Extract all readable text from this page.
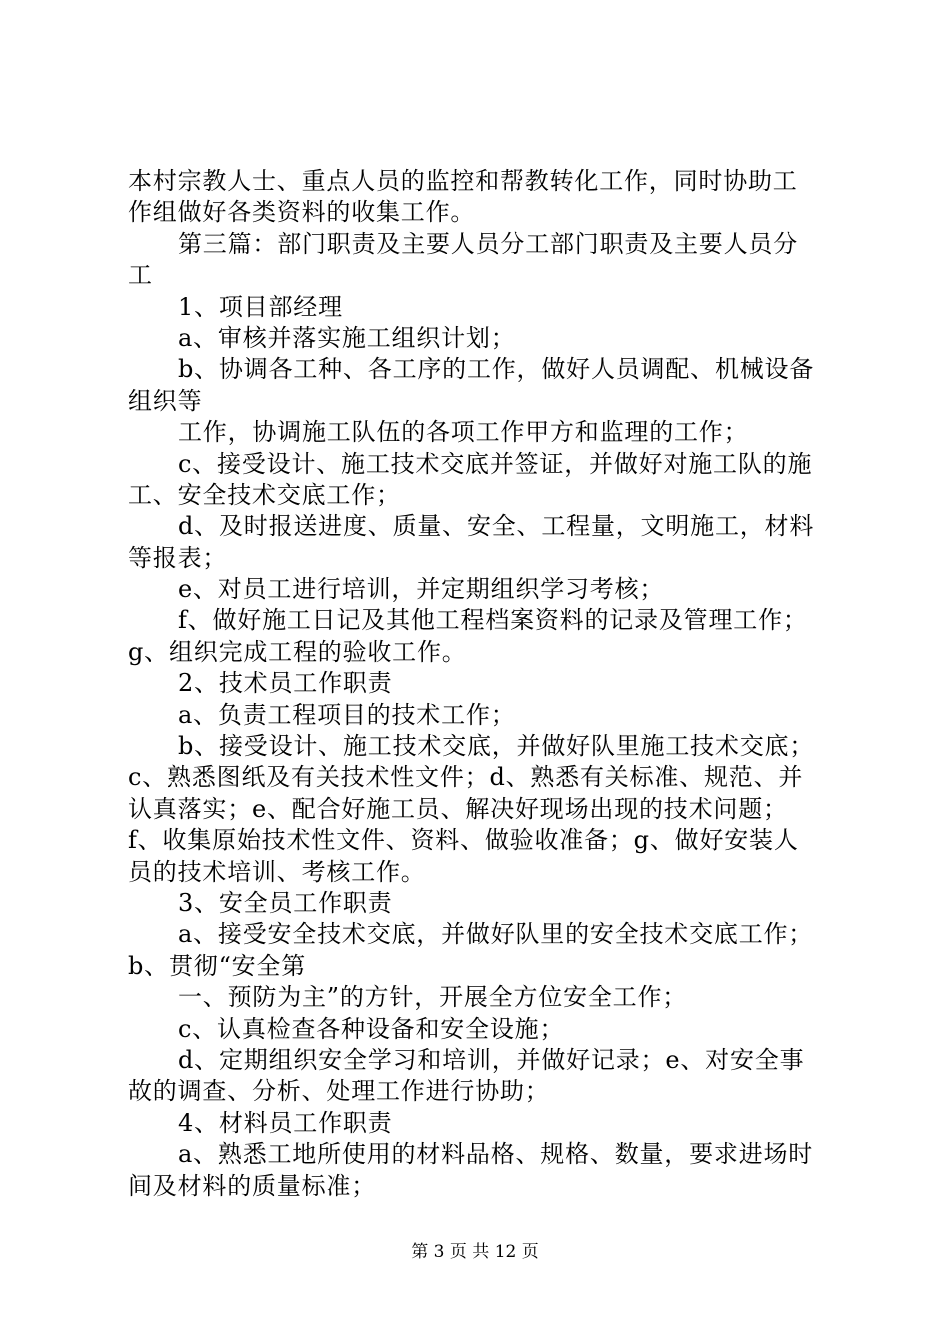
本村宗教人士、重点人员的监控和帮教转化工作，同时协助工
作组做好各类资料的收集工作。
第三篇：部门职责及主要人员分工部门职责及主要人员分
工
1、项目部经理
a、审核并落实施工组织计划；
b、协调各工种、各工序的工作，做好人员调配、机械设备
组织等
工作，协调施工队伍的各项工作甲方和监理的工作；
c、接受设计、施工技术交底并签证，并做好对施工队的施
工、安全技术交底工作；
d、及时报送进度、质量、安全、工程量，文明施工，材料
等报表；
e、对员工进行培训，并定期组织学习考核；
f、做好施工日记及其他工程档案资料的记录及管理工作；
g、组织完成工程的验收工作。
2、技术员工作职责
a、负责工程项目的技术工作；
b、接受设计、施工技术交底，并做好队里施工技术交底；
c、熟悉图纸及有关技术性文件；d、熟悉有关标准、规范、并
认真落实；e、配合好施工员、解决好现场出现的技术问题；
f、收集原始技术性文件、资料、做验收准备；g、做好安装人
员的技术培训、考核工作。
3、安全员工作职责
a、接受安全技术交底，并做好队里的安全技术交底工作；
b、贯彻“安全第
一、预防为主”的方针，开展全方位安全工作；
c、认真检查各种设备和安全设施；
d、定期组织安全学习和培训，并做好记录；e、对安全事
故的调查、分析、处理工作进行协助；
4、材料员工作职责
a、熟悉工地所使用的材料品格、规格、数量，要求进场时
间及材料的质量标准；
第 3 页 共 12 页
